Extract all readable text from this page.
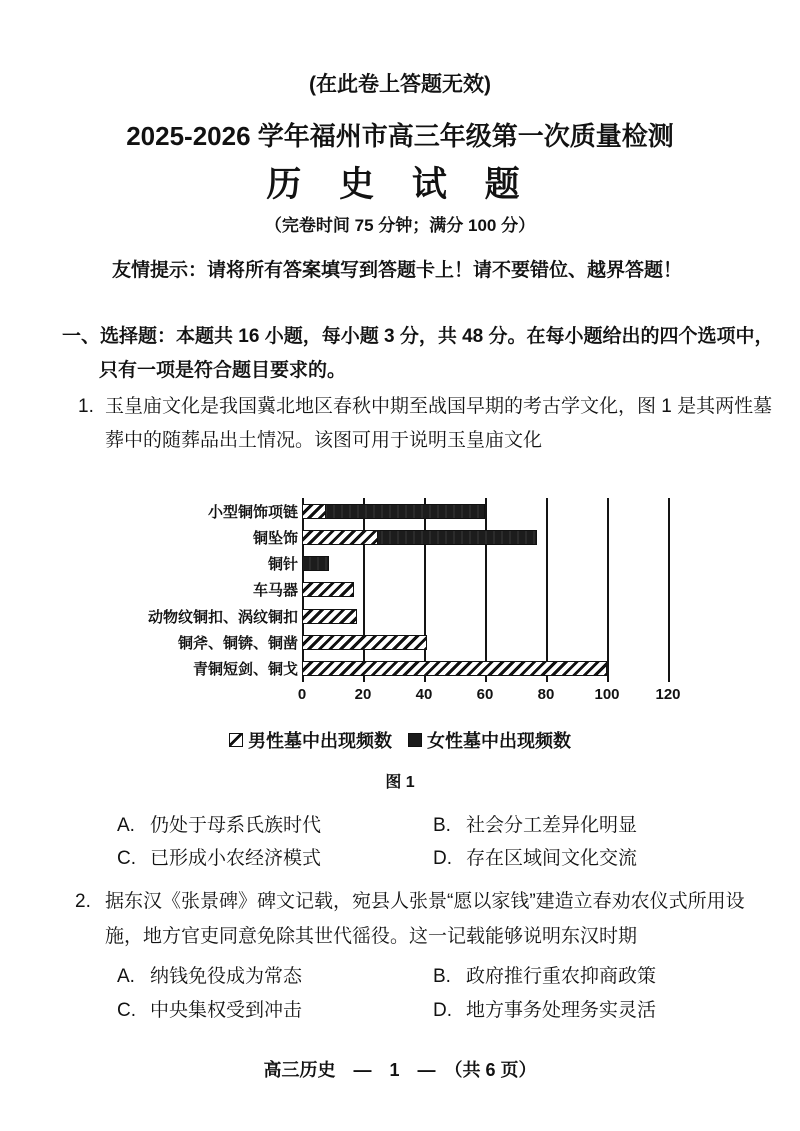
(在此卷上答题无效)
2025-2026 学年福州市高三年级第一次质量检测
历 史 试 题
（完卷时间 75 分钟；满分 100 分）
友情提示：请将所有答案填写到答题卡上！请不要错位、越界答题！
一、选择题：本题共 16 小题，每小题 3 分，共 48 分。在每小题给出的四个选项中，
只有一项是符合题目要求的。
1. 玉皇庙文化是我国冀北地区春秋中期至战国早期的考古学文化，图 1 是其两性墓
葬中的随葬品出土情况。该图可用于说明玉皇庙文化
小型铜饰项链
铜坠饰
铜针
车马器
动物纹铜扣、涡纹铜扣
铜斧、铜锛、铜凿
青铜短剑、铜戈
0	20	40	60	80	100	120
男性墓中出现频数 女性墓中出现频数
图 1
A. 仍处于母系氏族时代	B. 社会分工差异化明显
C. 已形成小农经济模式	D. 存在区域间文化交流
2. 据东汉《张景碑》碑文记载，宛县人张景“愿以家钱”建造立春劝农仪式所用设
施，地方官吏同意免除其世代徭役。这一记载能够说明东汉时期
A. 纳钱免役成为常态	B. 政府推行重农抑商政策
C. 中央集权受到冲击	D. 地方事务处理务实灵活
高三历史　—　1　—　（共 6 页）
